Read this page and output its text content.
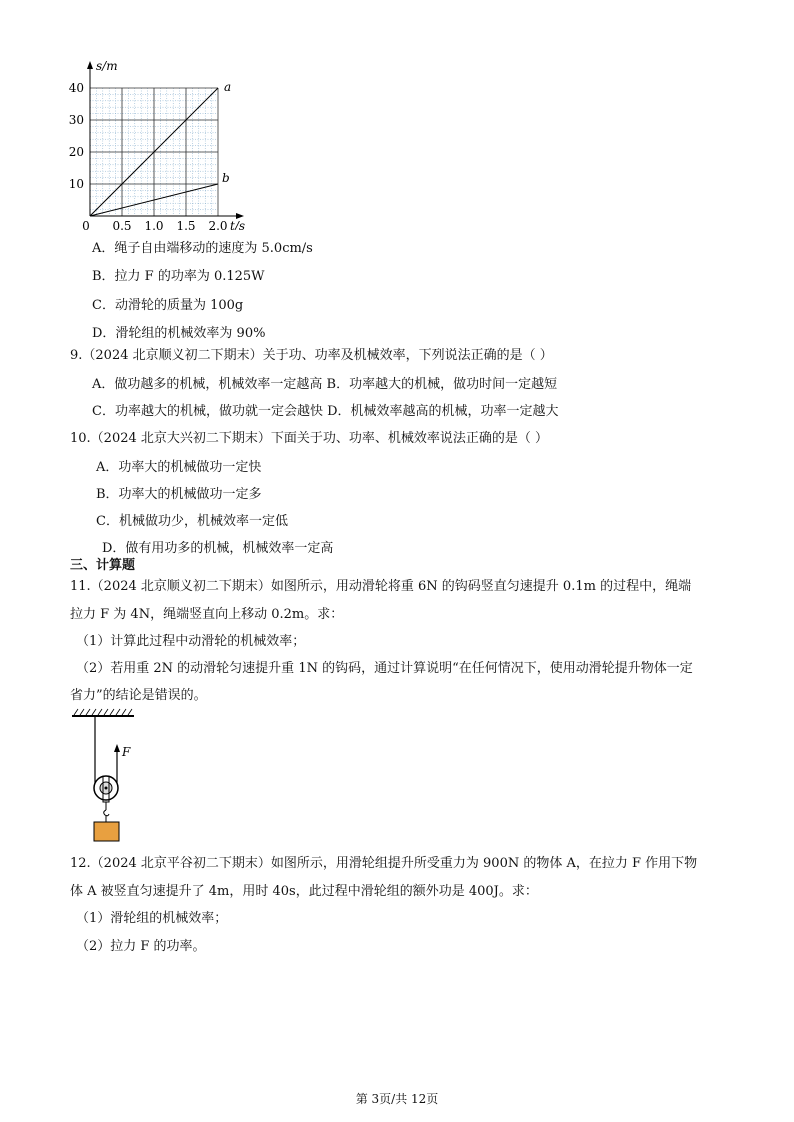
40
30
20
10
0 0.5 1.0 1.5 2.0
s/m
t/s
a
b
A．绳子自由端移动的速度为 5.0cm/s
B．拉力 F 的功率为 0.125W
C．动滑轮的质量为 100g
D．滑轮组的机械效率为 90%
9.（2024 北京顺义初二下期末）关于功、功率及机械效率，下列说法正确的是（ ）
A．做功越多的机械，机械效率一定越高 B．功率越大的机械，做功时间一定越短
C．功率越大的机械，做功就一定会越快 D．机械效率越高的机械，功率一定越大
10.（2024 北京大兴初二下期末）下面关于功、功率、机械效率说法正确的是（ ）
A．功率大的机械做功一定快
B．功率大的机械做功一定多
C．机械做功少，机械效率一定低
D．做有用功多的机械，机械效率一定高
三、计算题
11.（2024 北京顺义初二下期末）如图所示，用动滑轮将重 6N 的钩码竖直匀速提升 0.1m 的过程中，绳端
拉力 F 为 4N，绳端竖直向上移动 0.2m。求：
（1）计算此过程中动滑轮的机械效率；
（2）若用重 2N 的动滑轮匀速提升重 1N 的钩码，通过计算说明“在任何情况下，使用动滑轮提升物体一定
省力”的结论是错误的。
F
12.（2024 北京平谷初二下期末）如图所示，用滑轮组提升所受重力为 900N 的物体 A，在拉力 F 作用下物
体 A 被竖直匀速提升了 4m，用时 40s，此过程中滑轮组的额外功是 400J。求：
（1）滑轮组的机械效率；
（2）拉力 F 的功率。
第 3页/共 12页
